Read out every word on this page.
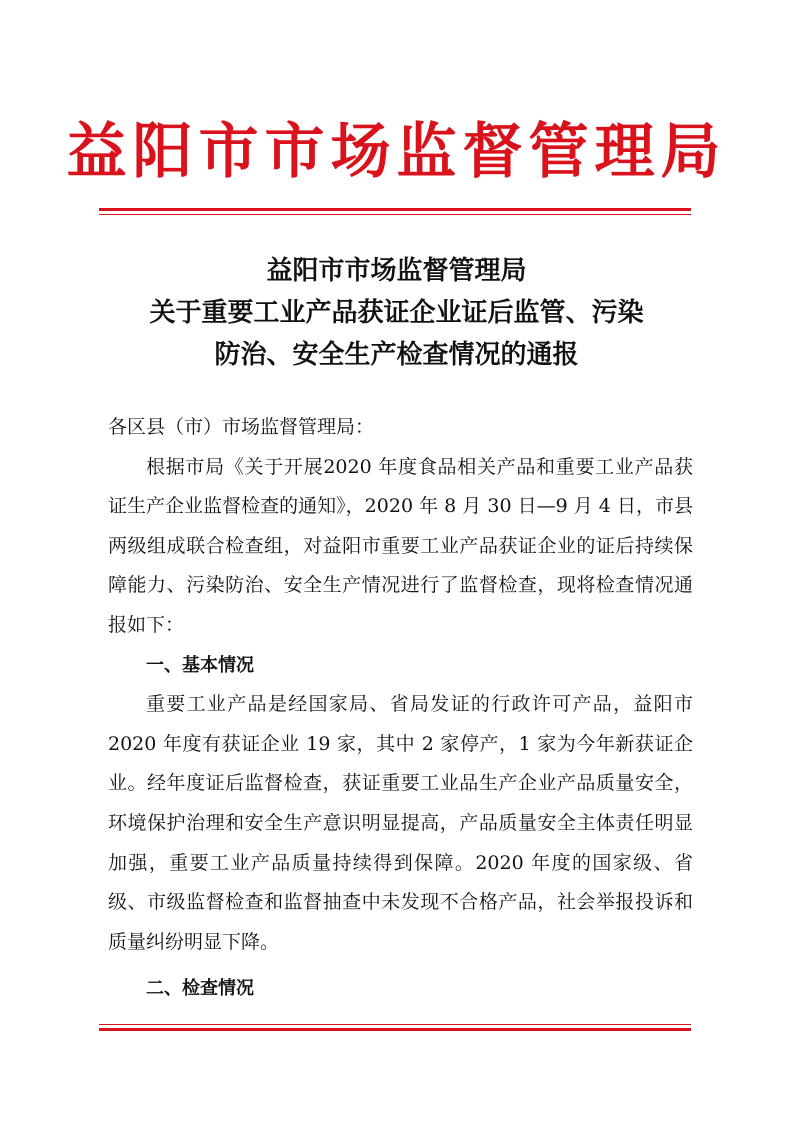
益阳市市场监督管理局
益阳市市场监督管理局
关于重要工业产品获证企业证后监管、污染
防治、安全生产检查情况的通报

各区县（市）市场监督管理局：

根据市局《关于开展2020 年度食品相关产品和重要工业产品获证生产企业监督检查的通知》，2020 年 8 月 30 日—9 月 4 日，市县两级组成联合检查组，对益阳市重要工业产品获证企业的证后持续保障能力、污染防治、安全生产情况进行了监督检查，现将检查情况通报如下：

一、基本情况

重要工业产品是经国家局、省局发证的行政许可产品，益阳市 2020 年度有获证企业 19 家，其中 2 家停产，1 家为今年新获证企业。经年度证后监督检查，获证重要工业品生产企业产品质量安全，环境保护治理和安全生产意识明显提高，产品质量安全主体责任明显加强，重要工业产品质量持续得到保障。2020 年度的国家级、省级、市级监督检查和监督抽查中未发现不合格产品，社会举报投诉和质量纠纷明显下降。

二、检查情况
